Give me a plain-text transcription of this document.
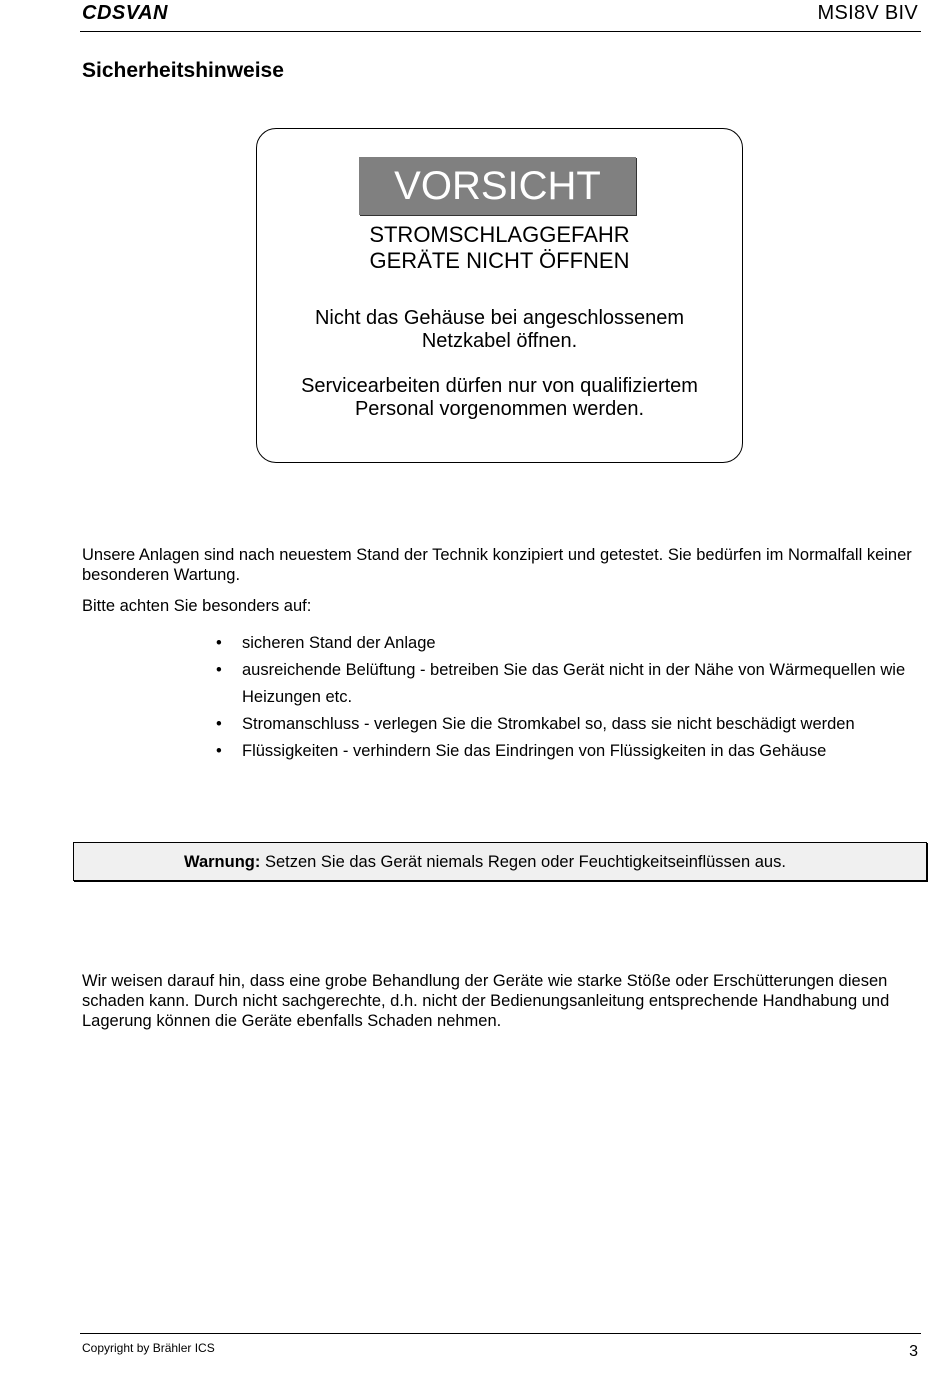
CDSVAN	MSI8V BIV
Sicherheitshinweise
VORSICHT
STROMSCHLAGGEFAHR
GERÄTE NICHT ÖFFNEN
Nicht das Gehäuse bei angeschlossenem
Netzkabel öffnen.
Servicearbeiten dürfen nur von qualifiziertem
Personal vorgenommen werden.
Unsere Anlagen sind nach neuestem Stand der Technik konzipiert und getestet. Sie bedürfen im Normalfall keiner besonderen Wartung.
Bitte achten Sie besonders auf:
• sicheren Stand der Anlage
• ausreichende Belüftung - betreiben Sie das Gerät nicht in der Nähe von Wärmequellen wie Heizungen etc.
• Stromanschluss - verlegen Sie die Stromkabel so, dass sie nicht beschädigt werden
• Flüssigkeiten - verhindern Sie das Eindringen von Flüssigkeiten in das Gehäuse
Warnung: Setzen Sie das Gerät niemals Regen oder Feuchtigkeitseinflüssen aus.
Wir weisen darauf hin, dass eine grobe Behandlung der Geräte wie starke Stöße oder Erschütterungen diesen schaden kann. Durch nicht sachgerechte, d.h. nicht der Bedienungsanleitung entsprechende Handhabung und Lagerung können die Geräte ebenfalls Schaden nehmen.
Copyright by Brähler ICS	3
